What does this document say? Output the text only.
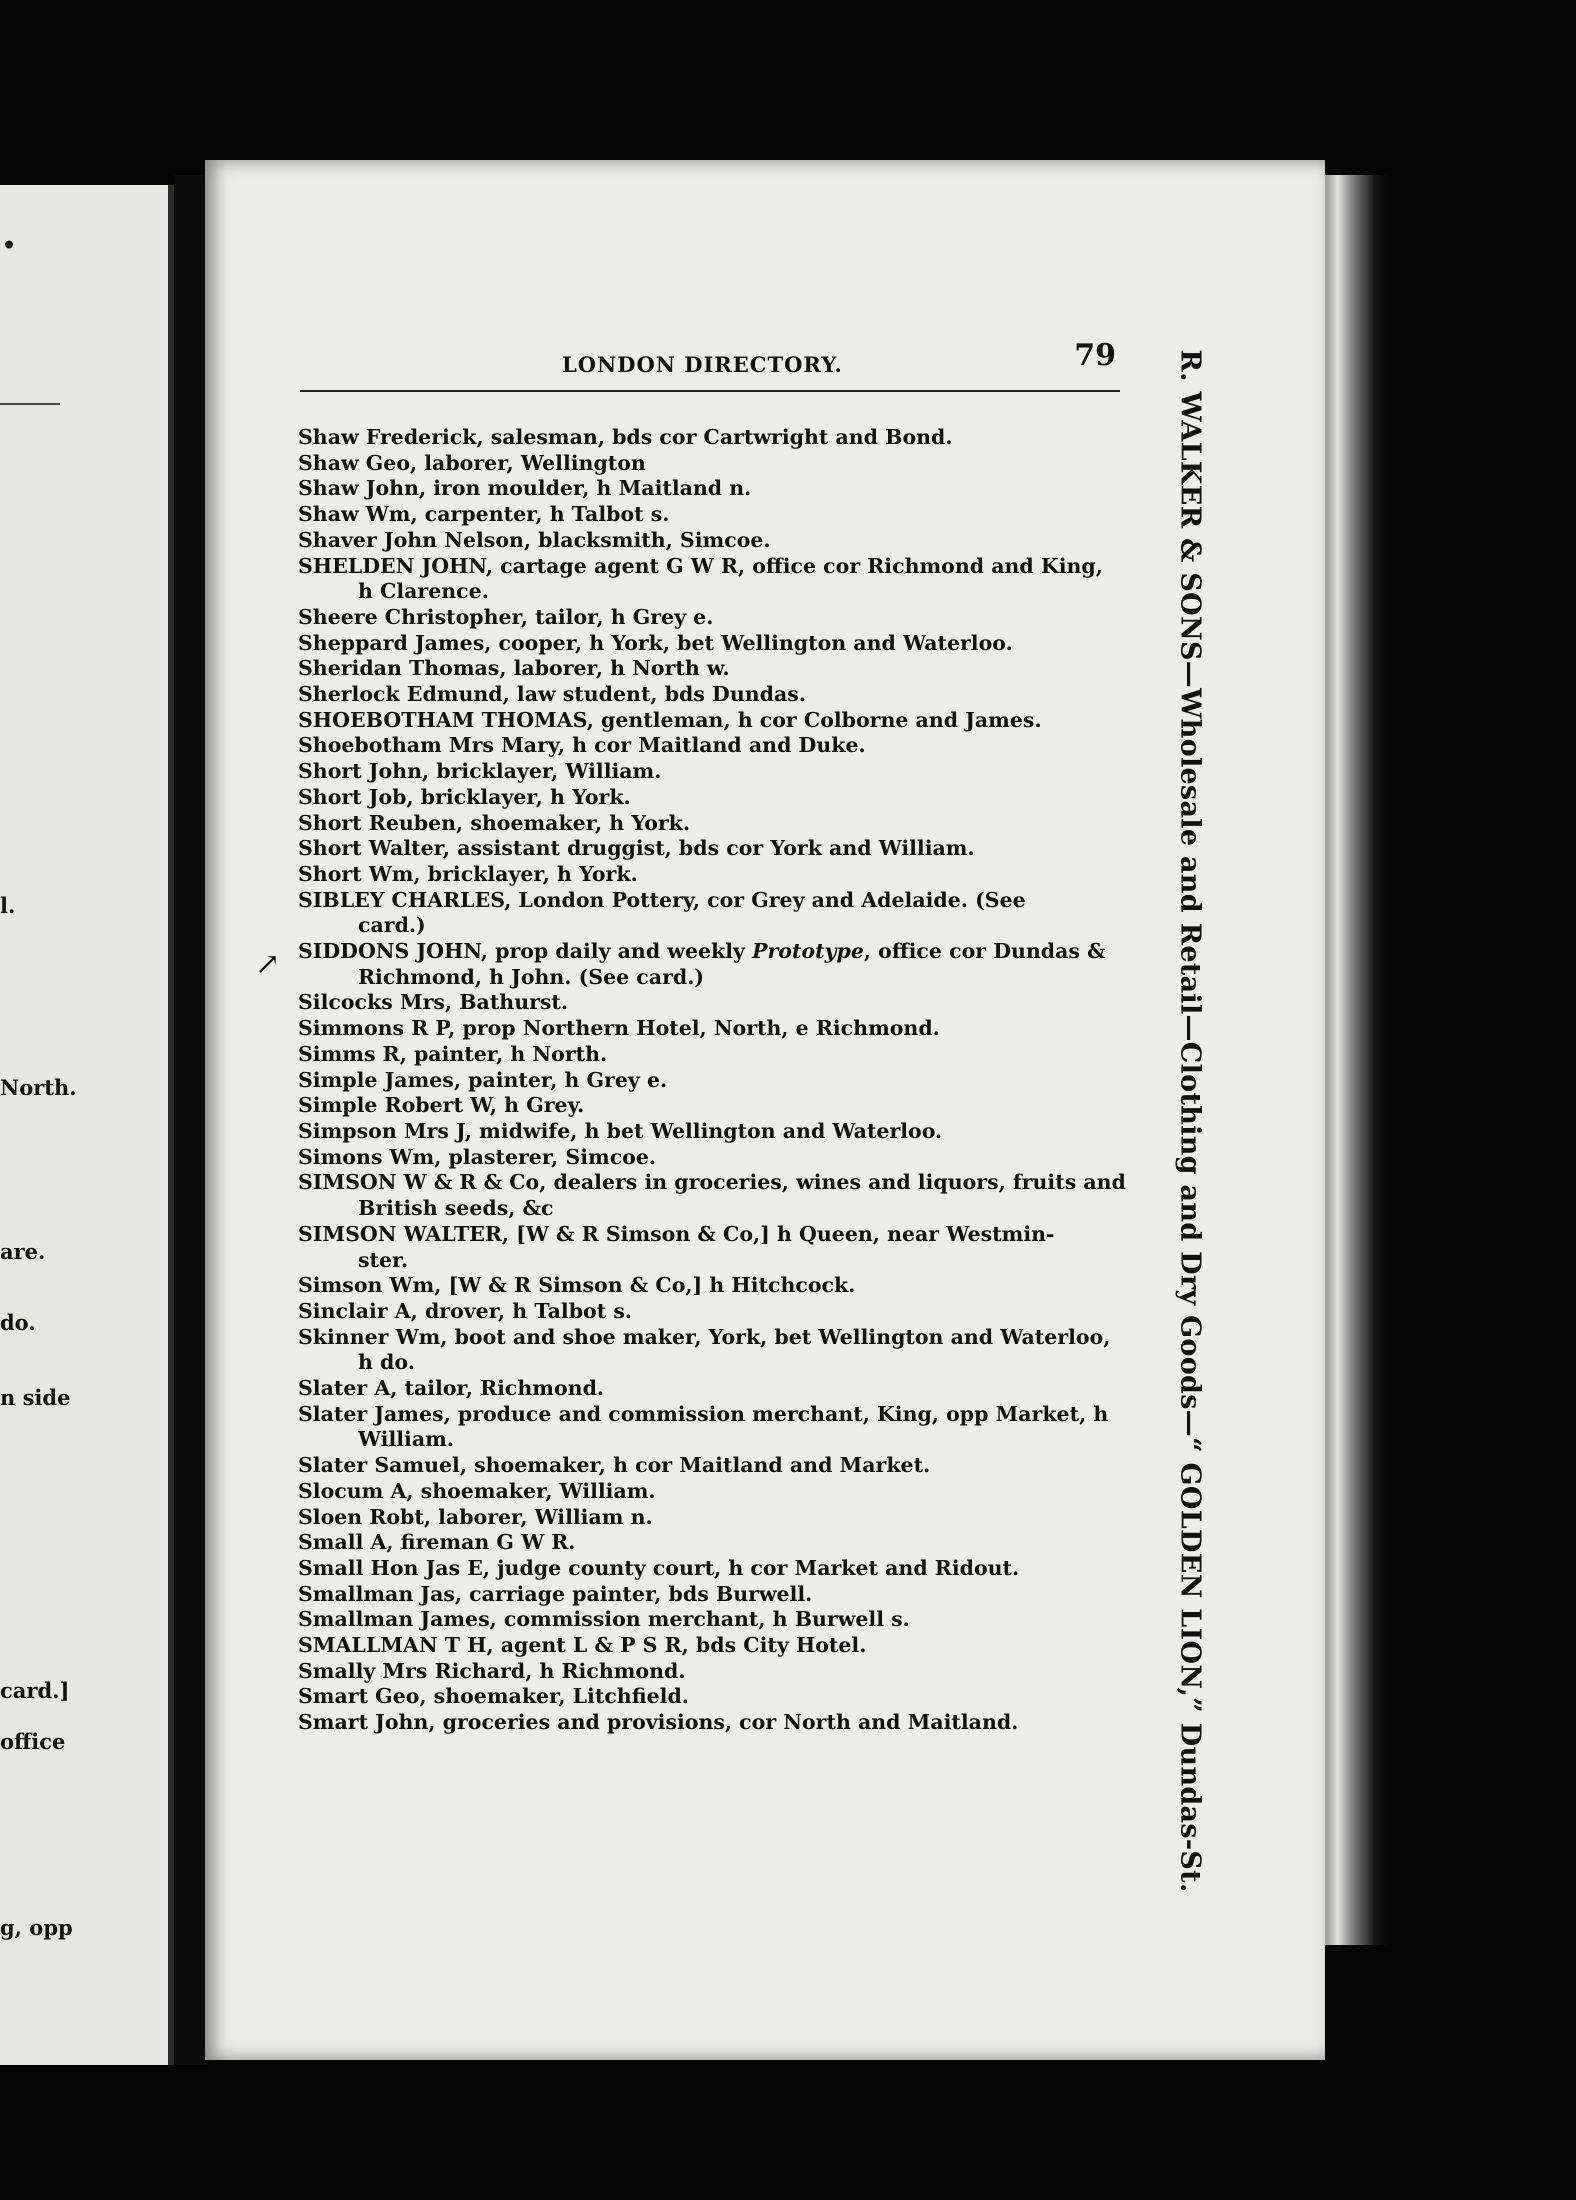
•
l.
North.
are.
do.
n side
card.]
office
g, opp
LONDON DIRECTORY.	79
↗
Shaw Frederick, salesman, bds cor Cartwright and Bond.
Shaw Geo, laborer, Wellington
Shaw John, iron moulder, h Maitland n.
Shaw Wm, carpenter, h Talbot s.
Shaver John Nelson, blacksmith, Simcoe.
SHELDEN JOHN, cartage agent G W R, office cor Richmond and King,
h Clarence.
Sheere Christopher, tailor, h Grey e.
Sheppard James, cooper, h York, bet Wellington and Waterloo.
Sheridan Thomas, laborer, h North w.
Sherlock Edmund, law student, bds Dundas.
SHOEBOTHAM THOMAS, gentleman, h cor Colborne and James.
Shoebotham Mrs Mary, h cor Maitland and Duke.
Short John, bricklayer, William.
Short Job, bricklayer, h York.
Short Reuben, shoemaker, h York.
Short Walter, assistant druggist, bds cor York and William.
Short Wm, bricklayer, h York.
SIBLEY CHARLES, London Pottery, cor Grey and Adelaide. (See
card.)
SIDDONS JOHN, prop daily and weekly Prototype, office cor Dundas &
Richmond, h John. (See card.)
Silcocks Mrs, Bathurst.
Simmons R P, prop Northern Hotel, North, e Richmond.
Simms R, painter, h North.
Simple James, painter, h Grey e.
Simple Robert W, h Grey.
Simpson Mrs J, midwife, h bet Wellington and Waterloo.
Simons Wm, plasterer, Simcoe.
SIMSON W & R & Co, dealers in groceries, wines and liquors, fruits and
British seeds, &c
SIMSON WALTER, [W & R Simson & Co,] h Queen, near Westmin-
ster.
Simson Wm, [W & R Simson & Co,] h Hitchcock.
Sinclair A, drover, h Talbot s.
Skinner Wm, boot and shoe maker, York, bet Wellington and Waterloo,
h do.
Slater A, tailor, Richmond.
Slater James, produce and commission merchant, King, opp Market, h
William.
Slater Samuel, shoemaker, h cor Maitland and Market.
Slocum A, shoemaker, William.
Sloen Robt, laborer, William n.
Small A, fireman G W R.
Small Hon Jas E, judge county court, h cor Market and Ridout.
Smallman Jas, carriage painter, bds Burwell.
Smallman James, commission merchant, h Burwell s.
SMALLMAN T H, agent L & P S R, bds City Hotel.
Smally Mrs Richard, h Richmond.
Smart Geo, shoemaker, Litchfield.
Smart John, groceries and provisions, cor North and Maitland.	R. WALKER & SONS—Wholesale and Retail—Clothing and Dry Goods—“ GOLDEN LION,” Dundas-St.
